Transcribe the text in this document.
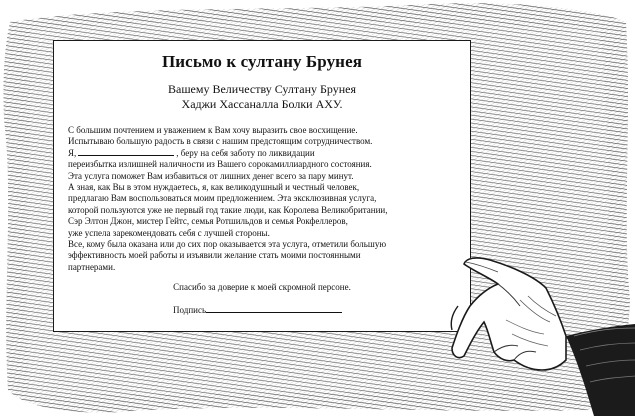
Письмо к султану Брунея
Вашему Величеству Султану Брунея
Хаджи Хассаналла Болки АХУ.
С большим почтением и уважением к Вам хочу выразить свое восхищение.
Испытываю большую радость в связи с нашим предстоящим сотрудничеством.
Я,	, беру на себя заботу по ликвидации
переизбытка излишней наличности из Вашего сорокамиллиардного состояния.
Эта услуга поможет Вам избавиться от лишних денег всего за пару минут.
А зная, как Вы в этом нуждаетесь, я, как великодушный и честный человек,
предлагаю Вам воспользоваться моим предложением. Эта эксклюзивная услуга,
которой пользуются уже не первый год такие люди, как Королева Великобритании,
Сэр Элтон Джон, мистер Гейтс, семья Ротшильдов и семья Рокфеллеров,
уже успела зарекомендовать себя с лучшей стороны.
Все, кому была оказана или до сих пор оказывается эта услуга, отметили большую
эффективность моей работы и изъявили желание стать моими постоянными
партнерами.
Спасибо за доверие к моей скромной персоне.
Подпись
